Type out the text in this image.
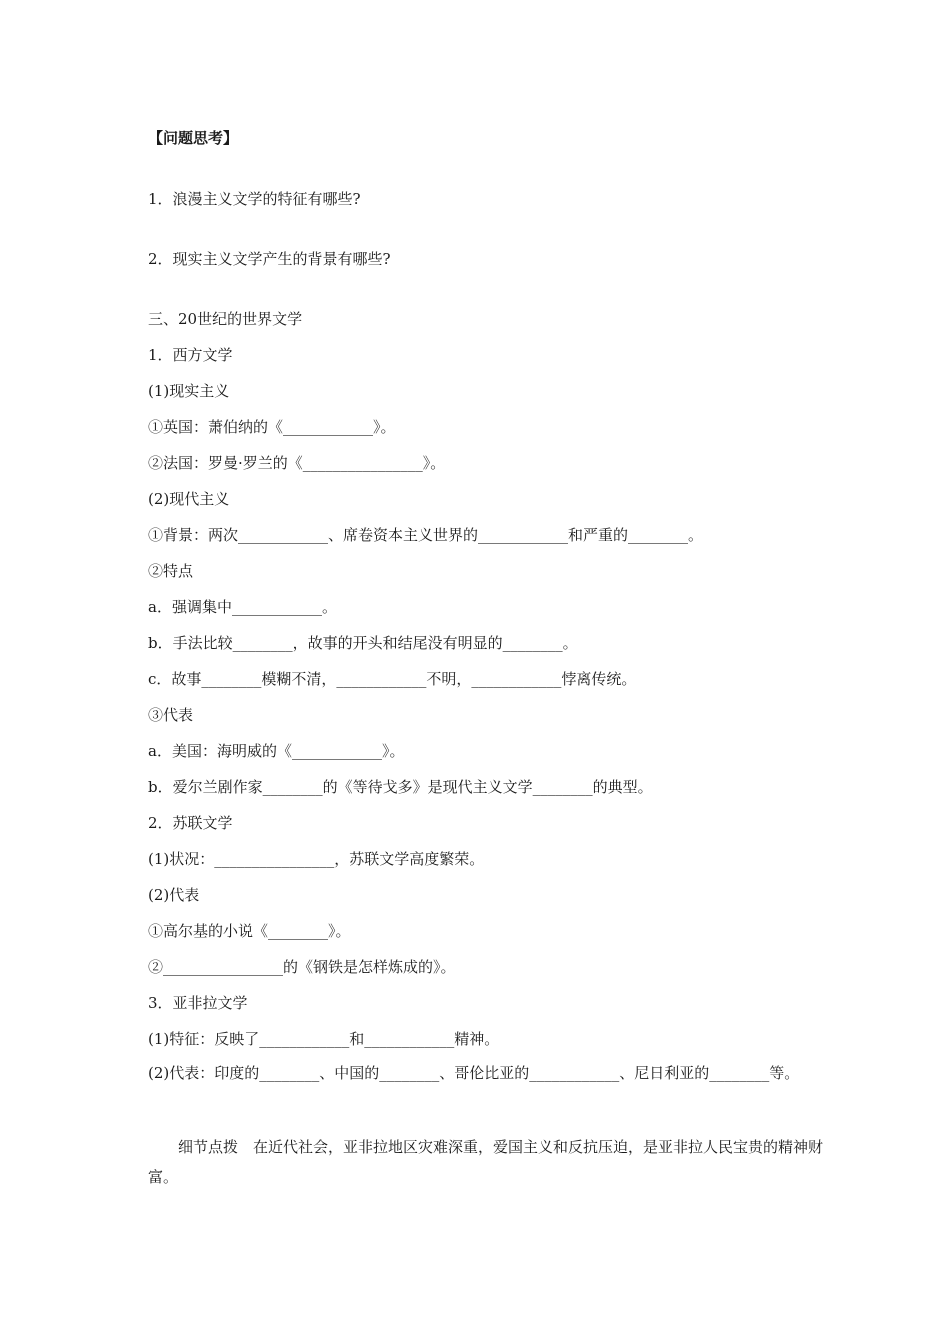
【问题思考】
1．浪漫主义文学的特征有哪些?
2．现实主义文学产生的背景有哪些?
三、20世纪的世界文学
1．西方文学
(1)现实主义
①英国：萧伯纳的《____________》。
②法国：罗曼·罗兰的《________________》。
(2)现代主义
①背景：两次____________、席卷资本主义世界的____________和严重的________。
②特点
a．强调集中____________。
b．手法比较________，故事的开头和结尾没有明显的________。
c．故事________模糊不清，____________不明，____________悖离传统。
③代表
a．美国：海明威的《____________》。
b．爱尔兰剧作家________的《等待戈多》是现代主义文学________的典型。
2．苏联文学
(1)状况：________________，苏联文学高度繁荣。
(2)代表
①高尔基的小说《________》。
②________________的《钢铁是怎样炼成的》。
3．亚非拉文学
(1)特征：反映了____________和____________精神。
(2)代表：印度的________、中国的________、哥伦比亚的____________、尼日利亚的________等。
细节点拨　在近代社会，亚非拉地区灾难深重，爱国主义和反抗压迫，是亚非拉人民宝贵的精神财富。
